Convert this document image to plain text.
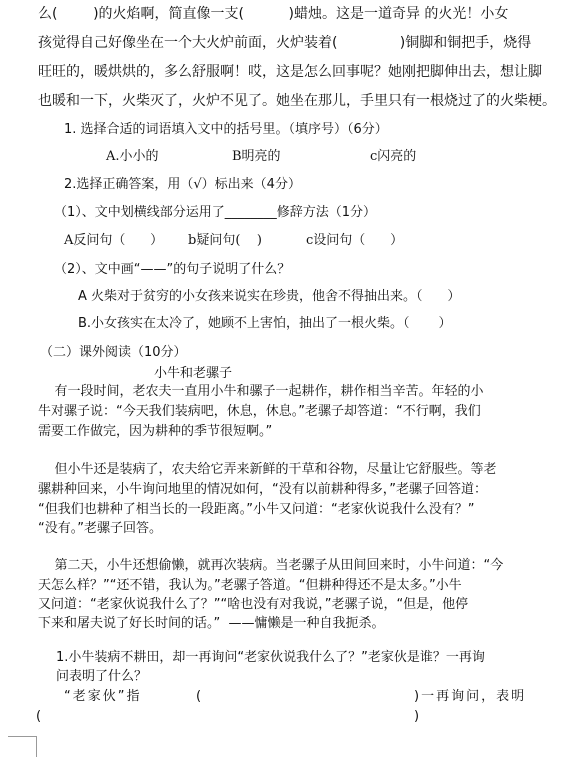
么(        )的火焰啊，简直像一支(          )蜡烛。这是一道奇异 的火光！小女
孩觉得自己好像坐在一个大火炉前面，火炉装着(              )铜脚和铜把手，烧得
旺旺的，暖烘烘的，多么舒服啊！哎，这是怎么回事呢？她刚把脚伸出去，想让脚
也暖和一下，火柴灭了，火炉不见了。她坐在那儿，手里只有一根烧过了的火柴梗。
1. 选择合适的词语填入文中的括号里。（填序号）（6分）
A.小小的	B明亮的	c闪亮的
2.选择正确答案，用（√）标出来（4分）
（1）、文中划横线部分运用了________修辞方法（1分）
A反问句（      ） b疑问句(    )	c设问句（      ）
（2）、文中画“——”的句子说明了什么？
A 火柴对于贫穷的小女孩来说实在珍贵，他舍不得抽出来。（      ）
B.小女孩实在太冷了，她顾不上害怕，抽出了一根火柴。（       ）
（二）课外阅读（10分）
小牛和老骡子
有一段时间，老农夫一直用小牛和骡子一起耕作，耕作相当辛苦。年轻的小
牛对骡子说：“今天我们装病吧，休息，休息。”老骡子却答道：“不行啊，我们
需要工作做完，因为耕种的季节很短啊。”
但小牛还是装病了，农夫给它弄来新鲜的干草和谷物，尽量让它舒服些。等老
骡耕种回来，小牛询问地里的情况如何，“没有以前耕种得多，”老骡子回答道：
“但我们也耕种了相当长的一段距离。”小牛又问道：“老家伙说我什么没有？”
“没有。”老骡子回答。
第二天，小牛还想偷懒，就再次装病。当老骡子从田间回来时，小牛问道：“今
天怎么样？”“还不错，我认为。”老骡子答道。“但耕种得还不是太多。”小牛
又问道：“老家伙说我什么了？”“啥也没有对我说，”老骡子说，“但是，他停
下来和屠夫说了好长时间的话。”  ——慵懒是一种自我扼杀。
1.小牛装病不耕田，却一再询问“老家伙说我什么了？”老家伙是谁？一再询
问表明了什么？
“老家伙”指	(	)一再询问，表明
(	)
